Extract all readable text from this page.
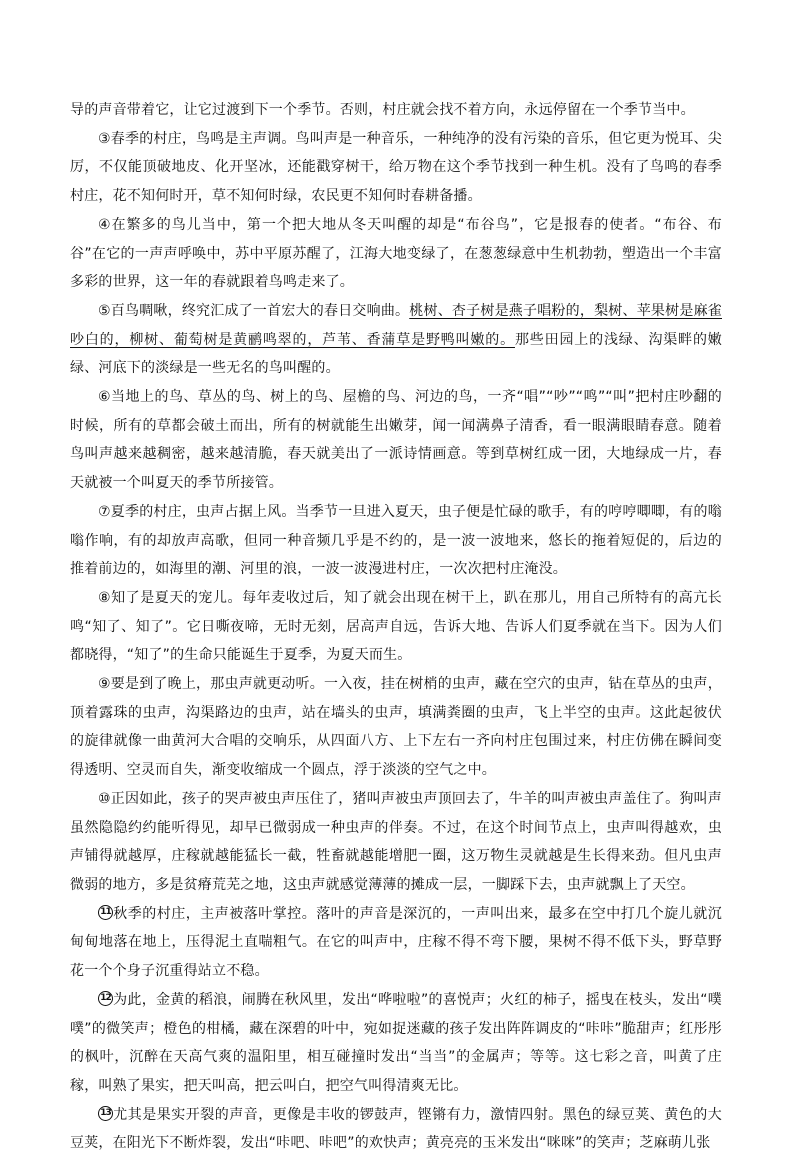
导的声音带着它，让它过渡到下一个季节。否则，村庄就会找不着方向，永远停留在一个季节当中。

③春季的村庄，鸟鸣是主声调。鸟叫声是一种音乐，一种纯净的没有污染的音乐，但它更为悦耳、尖厉，不仅能顶破地皮、化开坚冰，还能戳穿树干，给万物在这个季节找到一种生机。没有了鸟鸣的春季村庄，花不知何时开，草不知何时绿，农民更不知何时春耕备播。

④在繁多的鸟儿当中，第一个把大地从冬天叫醒的却是“布谷鸟”，它是报春的使者。“布谷、布谷”在它的一声声呼唤中，苏中平原苏醒了，江海大地变绿了，在葱葱绿意中生机勃勃，塑造出一个丰富多彩的世界，这一年的春就跟着鸟鸣走来了。

⑤百鸟啁啾，终究汇成了一首宏大的春日交响曲。桃树、杏子树是燕子唱粉的，梨树、苹果树是麻雀吵白的，柳树、葡萄树是黄鹂鸣翠的，芦苇、香蒲草是野鸭叫嫩的。那些田园上的浅绿、沟渠畔的嫩绿、河底下的淡绿是一些无名的鸟叫醒的。

⑥当地上的鸟、草丛的鸟、树上的鸟、屋檐的鸟、河边的鸟，一齐“唱”“吵”“鸣”“叫”把村庄吵翻的时候，所有的草都会破土而出，所有的树就能生出嫩芽，闻一闻满鼻子清香，看一眼满眼睛春意。随着鸟叫声越来越稠密，越来越清脆，春天就美出了一派诗情画意。等到草树红成一团，大地绿成一片，春天就被一个叫夏天的季节所接管。

⑦夏季的村庄，虫声占据上风。当季节一旦进入夏天，虫子便是忙碌的歌手，有的哼哼唧唧，有的嗡嗡作响，有的却放声高歌，但同一种音频几乎是不约的，是一波一波地来，悠长的拖着短促的，后边的推着前边的，如海里的潮、河里的浪，一波一波漫进村庄，一次次把村庄淹没。

⑧知了是夏天的宠儿。每年麦收过后，知了就会出现在树干上，趴在那儿，用自己所特有的高亢长鸣“知了、知了”。它日嘶夜啼，无时无刻，居高声自远，告诉大地、告诉人们夏季就在当下。因为人们都晓得，“知了”的生命只能诞生于夏季，为夏天而生。

⑨要是到了晚上，那虫声就更动听。一入夜，挂在树梢的虫声，藏在空穴的虫声，钻在草丛的虫声，顶着露珠的虫声，沟渠路边的虫声，站在墙头的虫声，填满粪圈的虫声，飞上半空的虫声。这此起彼伏的旋律就像一曲黄河大合唱的交响乐，从四面八方、上下左右一齐向村庄包围过来，村庄仿佛在瞬间变得透明、空灵而自失，渐变收缩成一个圆点，浮于淡淡的空气之中。

⑩正因如此，孩子的哭声被虫声压住了，猪叫声被虫声顶回去了，牛羊的叫声被虫声盖住了。狗叫声虽然隐隐约约能听得见，却早已微弱成一种虫声的伴奏。不过，在这个时间节点上，虫声叫得越欢，虫声铺得就越厚，庄稼就越能猛长一截，牲畜就越能增肥一圈，这万物生灵就越是生长得来劲。但凡虫声微弱的地方，多是贫瘠荒芜之地，这虫声就感觉薄薄的摊成一层，一脚踩下去，虫声就飘上了天空。

11 秋季的村庄，主声被落叶掌控。落叶的声音是深沉的，一声叫出来，最多在空中打几个旋儿就沉甸甸地落在地上，压得泥土直喘粗气。在它的叫声中，庄稼不得不弯下腰，果树不得不低下头，野草野花一个个身子沉重得站立不稳。

12 为此，金黄的稻浪，闹腾在秋风里，发出“哗啦啦”的喜悦声；火红的柿子，摇曳在枝头，发出“噗噗”的微笑声；橙色的柑橘，藏在深碧的叶中，宛如捉迷藏的孩子发出阵阵调皮的“咔咔”脆甜声；红彤彤的枫叶，沉醉在天高气爽的温阳里，相互碰撞时发出“当当”的金属声；等等。这七彩之音，叫黄了庄稼，叫熟了果实，把天叫高，把云叫白，把空气叫得清爽无比。

13 尤其是果实开裂的声音，更像是丰收的锣鼓声，铿锵有力，激情四射。黑色的绿豆荚、黄色的大豆荚，在阳光下不断炸裂，发出“咔吧、咔吧”的欢快声；黄亮亮的玉米发出“咪咪”的笑声；芝麻萌儿张
